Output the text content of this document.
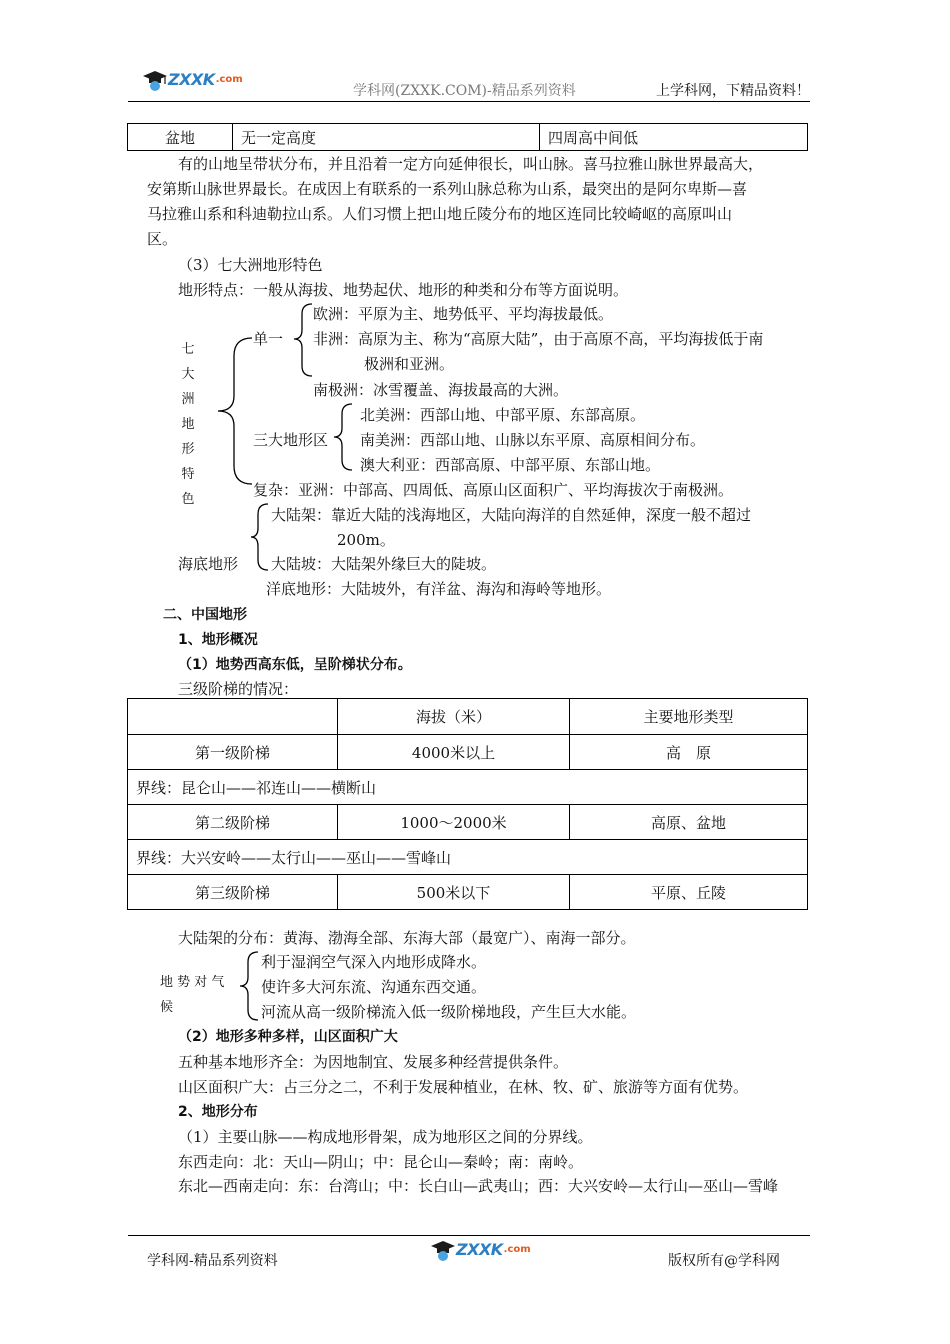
ZXXK .com
学科网(ZXXK.COM)-精品系列资料	上学科网，下精品资料！
盆地	无一定高度	四周高中间低
有的山地呈带状分布，并且沿着一定方向延伸很长，叫山脉。喜马拉雅山脉世界最高大，
安第斯山脉世界最长。在成因上有联系的一系列山脉总称为山系，最突出的是阿尔卑斯—喜
马拉雅山系和科迪勒拉山系。人们习惯上把山地丘陵分布的地区连同比较崎岖的高原叫山
区。
（3）七大洲地形特色
地形特点：一般从海拔、地势起伏、地形的种类和分布等方面说明。
七
大
洲
地
形
特
色
单一
欧洲：平原为主、地势低平、平均海拔最低。
非洲：高原为主、称为“高原大陆”，由于高原不高，平均海拔低于南
极洲和亚洲。
南极洲：冰雪覆盖、海拔最高的大洲。
三大地形区
北美洲：西部山地、中部平原、东部高原。
南美洲：西部山地、山脉以东平原、高原相间分布。
澳大利亚：西部高原、中部平原、东部山地。
复杂：亚洲：中部高、四周低、高原山区面积广、平均海拔次于南极洲。
海底地形
大陆架：靠近大陆的浅海地区，大陆向海洋的自然延伸，深度一般不超过
200m。
大陆坡：大陆架外缘巨大的陡坡。
洋底地形：大陆坡外，有洋盆、海沟和海岭等地形。
二、中国地形
1、地形概况
（1）地势西高东低，呈阶梯状分布。
三级阶梯的情况：
	海拔（米）	主要地形类型
第一级阶梯	4000米以上	高　原
界线：昆仑山——祁连山——横断山		
第二级阶梯	1000～2000米	高原、盆地
界线：大兴安岭——太行山——巫山——雪峰山		
第三级阶梯	500米以下	平原、丘陵
大陆架的分布：黄海、渤海全部、东海大部（最宽广）、南海一部分。
地 势 对 气
候
利于湿润空气深入内地形成降水。
使许多大河东流、沟通东西交通。
河流从高一级阶梯流入低一级阶梯地段，产生巨大水能。
（2）地形多种多样，山区面积广大
五种基本地形齐全：为因地制宜、发展多种经营提供条件。
山区面积广大：占三分之二，不利于发展种植业，在林、牧、矿、旅游等方面有优势。
2、地形分布
（1）主要山脉——构成地形骨架，成为地形区之间的分界线。
东西走向：北：天山—阴山；中：昆仑山—秦岭；南：南岭。
东北—西南走向：东：台湾山；中：长白山—武夷山；西：大兴安岭—太行山—巫山—雪峰
学科网-精品系列资料
ZXXK .com
版权所有@学科网
